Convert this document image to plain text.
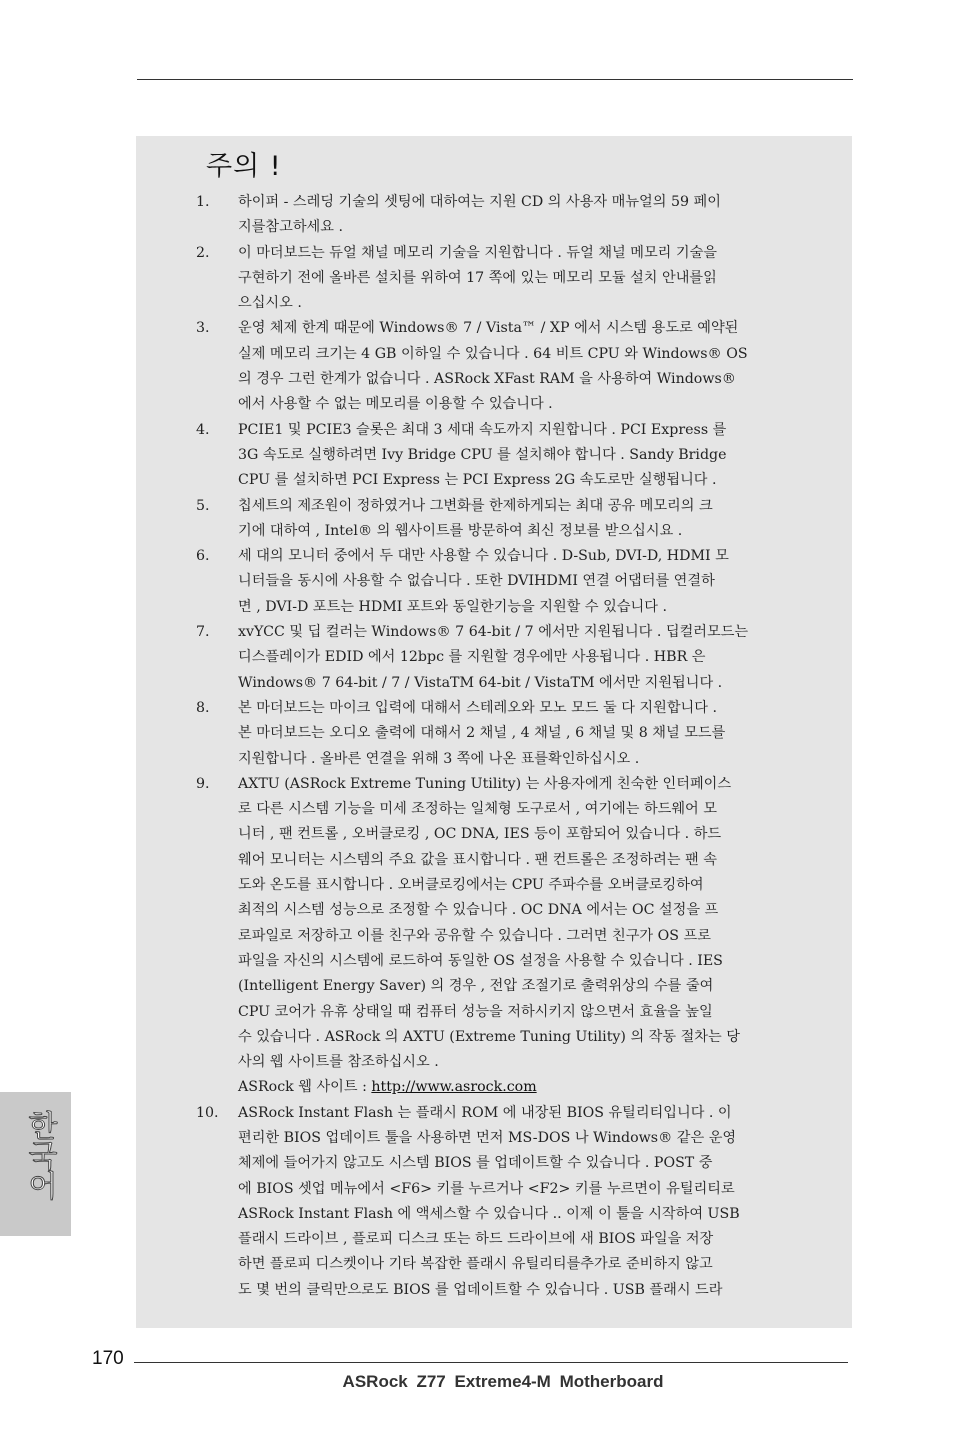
주의 !
1.	하이퍼 - 스레딩 기술의 셋팅에 대하여는 지원 CD 의 사용자 매뉴얼의 59 페이
지를참고하세요 .
2.	이 마더보드는 듀얼 채널 메모리 기술을 지원합니다 . 듀얼 채널 메모리 기술을
구현하기 전에 올바른 설치를 위하여 17 쪽에 있는 메모리 모듈 설치 안내를읽
으십시오 .
3.	운영 체제 한계 때문에 Windows® 7 / Vista™ / XP 에서 시스템 용도로 예약된
실제 메모리 크기는 4 GB 이하일 수 있습니다 . 64 비트 CPU 와 Windows® OS
의 경우 그런 한계가 없습니다 . ASRock XFast RAM 을 사용하여 Windows®
에서 사용할 수 없는 메모리를 이용할 수 있습니다 .
4.	PCIE1 및 PCIE3 슬롯은 최대 3 세대 속도까지 지원합니다 . PCI Express 를
3G 속도로 실행하려면 Ivy Bridge CPU 를 설치해야 합니다 . Sandy Bridge
CPU 를 설치하면 PCI Express 는 PCI Express 2G 속도로만 실행됩니다 .
5.	칩세트의 제조원이 정하였거나 그변화를 한제하게되는 최대 공유 메모리의 크
기에 대하여 , Intel® 의 웹사이트를 방문하여 최신 정보를 받으십시요 .
6.	세 대의 모니터 중에서 두 대만 사용할 수 있습니다 . D-Sub, DVI-D, HDMI 모
니터들을 동시에 사용할 수 없습니다 . 또한 DVIHDMI 연결 어댑터를 연결하
면 , DVI-D 포트는 HDMI 포트와 동일한기능을 지원할 수 있습니다 .
7.	xvYCC 및 딥 컬러는 Windows® 7 64-bit / 7 에서만 지원됩니다 . 딥컬러모드는
디스플레이가 EDID 에서 12bpc 를 지원할 경우에만 사용됩니다 . HBR 은
Windows® 7 64-bit / 7 / VistaTM 64-bit / VistaTM 에서만 지원됩니다 .
8.	본 마더보드는 마이크 입력에 대해서 스테레오와 모노 모드 둘 다 지원합니다 .
본 마더보드는 오디오 출력에 대해서 2 채널 , 4 채널 , 6 채널 및 8 채널 모드를
지원합니다 . 올바른 연결을 위해 3 쪽에 나온 표를확인하십시오 .
9.	AXTU (ASRock Extreme Tuning Utility) 는 사용자에게 친숙한 인터페이스
로 다른 시스템 기능을 미세 조정하는 일체형 도구로서 , 여기에는 하드웨어 모
니터 , 팬 컨트롤 , 오버클로킹 , OC DNA, IES 등이 포함되어 있습니다 . 하드
웨어 모니터는 시스템의 주요 값을 표시합니다 . 팬 컨트롤은 조정하려는 팬 속
도와 온도를 표시합니다 . 오버클로킹에서는 CPU 주파수를 오버클로킹하여
최적의 시스템 성능으로 조정할 수 있습니다 . OC DNA 에서는 OC 설정을 프
로파일로 저장하고 이를 친구와 공유할 수 있습니다 . 그러면 친구가 OS 프로
파일을 자신의 시스템에 로드하여 동일한 OS 설정을 사용할 수 있습니다 . IES
(Intelligent Energy Saver) 의 경우 , 전압 조절기로 출력위상의 수를 줄여
CPU 코어가 유휴 상태일 때 컴퓨터 성능을 저하시키지 않으면서 효율을 높일
수 있습니다 . ASRock 의 AXTU (Extreme Tuning Utility) 의 작동 절차는 당
사의 웹 사이트를 참조하십시오 .
ASRock 웹 사이트 : http://www.asrock.com
10.	ASRock Instant Flash 는 플래시 ROM 에 내장된 BIOS 유틸리티입니다 . 이
편리한 BIOS 업데이트 툴을 사용하면 먼저 MS-DOS 나 Windows® 같은 운영
체제에 들어가지 않고도 시스템 BIOS 를 업데이트할 수 있습니다 . POST 중
에 BIOS 셋업 메뉴에서 <F6> 키를 누르거나 <F2> 키를 누르면이 유틸리티로
ASRock Instant Flash 에 액세스할 수 있습니다 .. 이제 이 툴을 시작하여 USB
플래시 드라이브 , 플로피 디스크 또는 하드 드라이브에 새 BIOS 파일을 저장
하면 플로피 디스켓이나 기타 복잡한 플래시 유틸리티를추가로 준비하지 않고
도 몇 번의 클릭만으로도 BIOS 를 업데이트할 수 있습니다 . USB 플래시 드라
한국어
170
ASRock Z77 Extreme4-M Motherboard
